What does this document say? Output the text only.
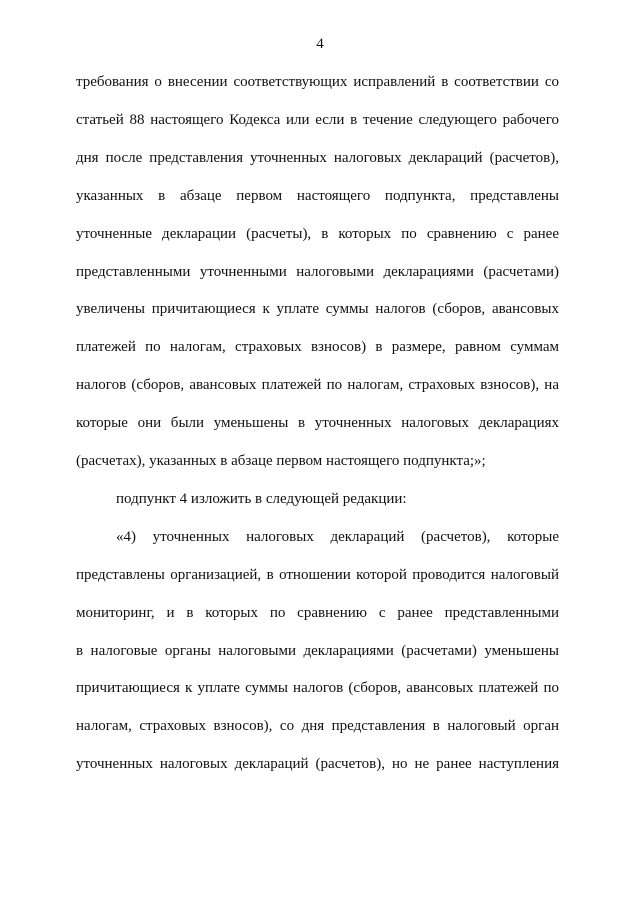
4
требования о внесении соответствующих исправлений в соответствии со
статьей 88 настоящего Кодекса или если в течение следующего рабочего
дня после представления уточненных налоговых деклараций (расчетов),
указанных в абзаце первом настоящего подпункта, представлены
уточненные декларации (расчеты), в которых по сравнению с ранее
представленными уточненными налоговыми декларациями (расчетами)
увеличены причитающиеся к уплате суммы налогов (сборов, авансовых
платежей по налогам, страховых взносов) в размере, равном суммам
налогов (сборов, авансовых платежей по налогам, страховых взносов), на
которые они были уменьшены в уточненных налоговых декларациях
(расчетах), указанных в абзаце первом настоящего подпункта;»;
подпункт 4 изложить в следующей редакции:
«4) уточненных налоговых деклараций (расчетов), которые
представлены организацией, в отношении которой проводится налоговый
мониторинг, и в которых по сравнению с ранее представленными
в налоговые органы налоговыми декларациями (расчетами) уменьшены
причитающиеся к уплате суммы налогов (сборов, авансовых платежей по
налогам, страховых взносов), со дня представления в налоговый орган
уточненных налоговых деклараций (расчетов), но не ранее наступления
